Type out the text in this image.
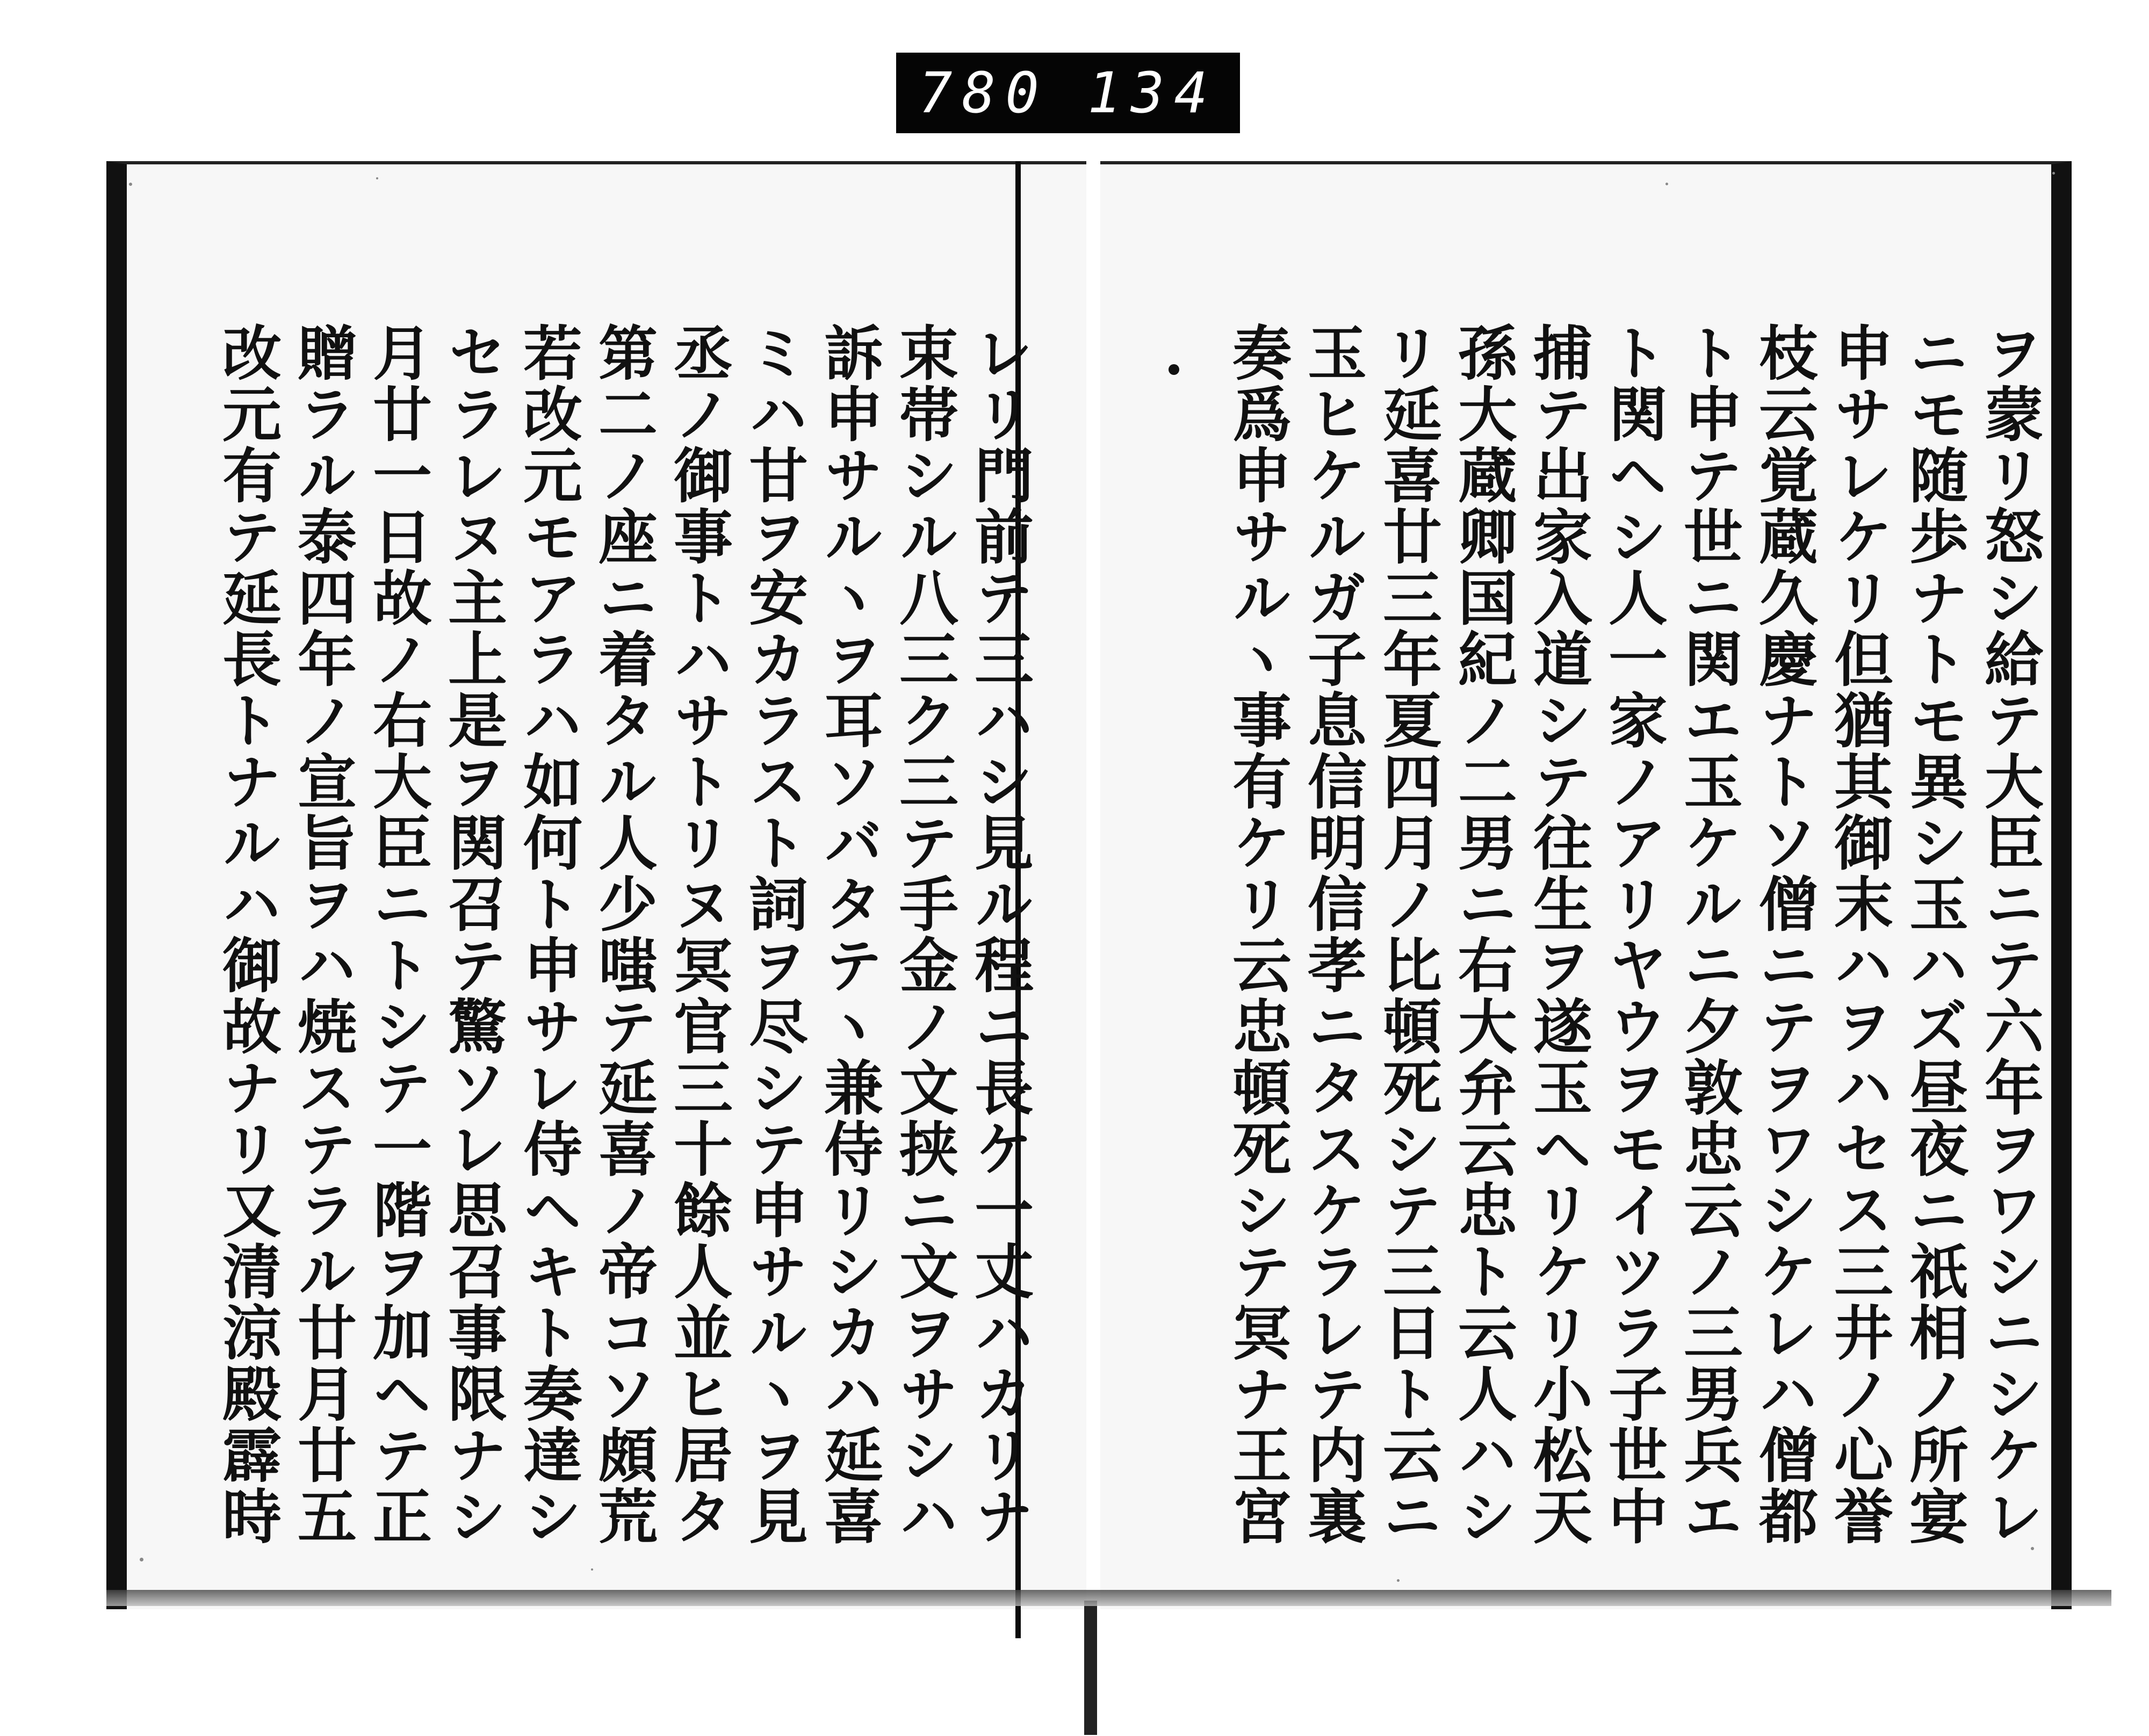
780 134
ヲ蒙リ怒シ給テ大臣ニテ六年ヲワシニシケレ
ニモ随歩ナトモ異シ玉ハズ昼夜ニ祇相ノ所宴
申サレケリ但猶其御末ハヲハセス三井ノ心誉
枝云覚蔵久慶ナトソ僧ニテヲワシケレハ僧都
ト申テ世ニ関エ玉ケルニ夕敦忠云ノ三男兵エ
ト関ヘシ人一家ノアリヤウヲモイツラ子世中
捕テ出家入道シテ往生ヲ遂玉ヘリケリ小松天
孫大蔵卿国紀ノ二男ニ右大弁云忠ト云人ハシ
リ延喜廿三年夏四月ノ比頓死シテ三日ト云ニ
玉ヒケルガ子息信明信孝ニタスケラレテ内裏
奏爲申サルヽ事有ケリ云忠頓死シテ冥ナ王宮
レリ門前テ三ハシ見ル程ニ長ケ一丈ハカリナ
束帯シル八三ク三テ手金ノ文挟ニ文ヲサシハ
訴申サルヽヲ耳ソバタテヽ兼侍リシカハ延喜
ミハ甘ヲ安カラスト詞ヲ尽シテ申サルヽヲ見
丞ノ御事トハサトリヌ冥官三十餘人並ヒ居タ
第二ノ座ニ着タル人少嗤テ延喜ノ帝コソ頗荒
若改元モアラハ如何ト申サレ侍ヘキト奏達シ
セラレヌ主上是ヲ関召テ驚ソレ思召事限ナシ
月廿一日故ノ右大臣ニトシテ一階ヲ加ヘテ正
贈ラル泰四年ノ宣旨ヲハ焼ステラル廿月廿五
改元有テ延長トナルハ御故ナリ又清涼殿霹時
